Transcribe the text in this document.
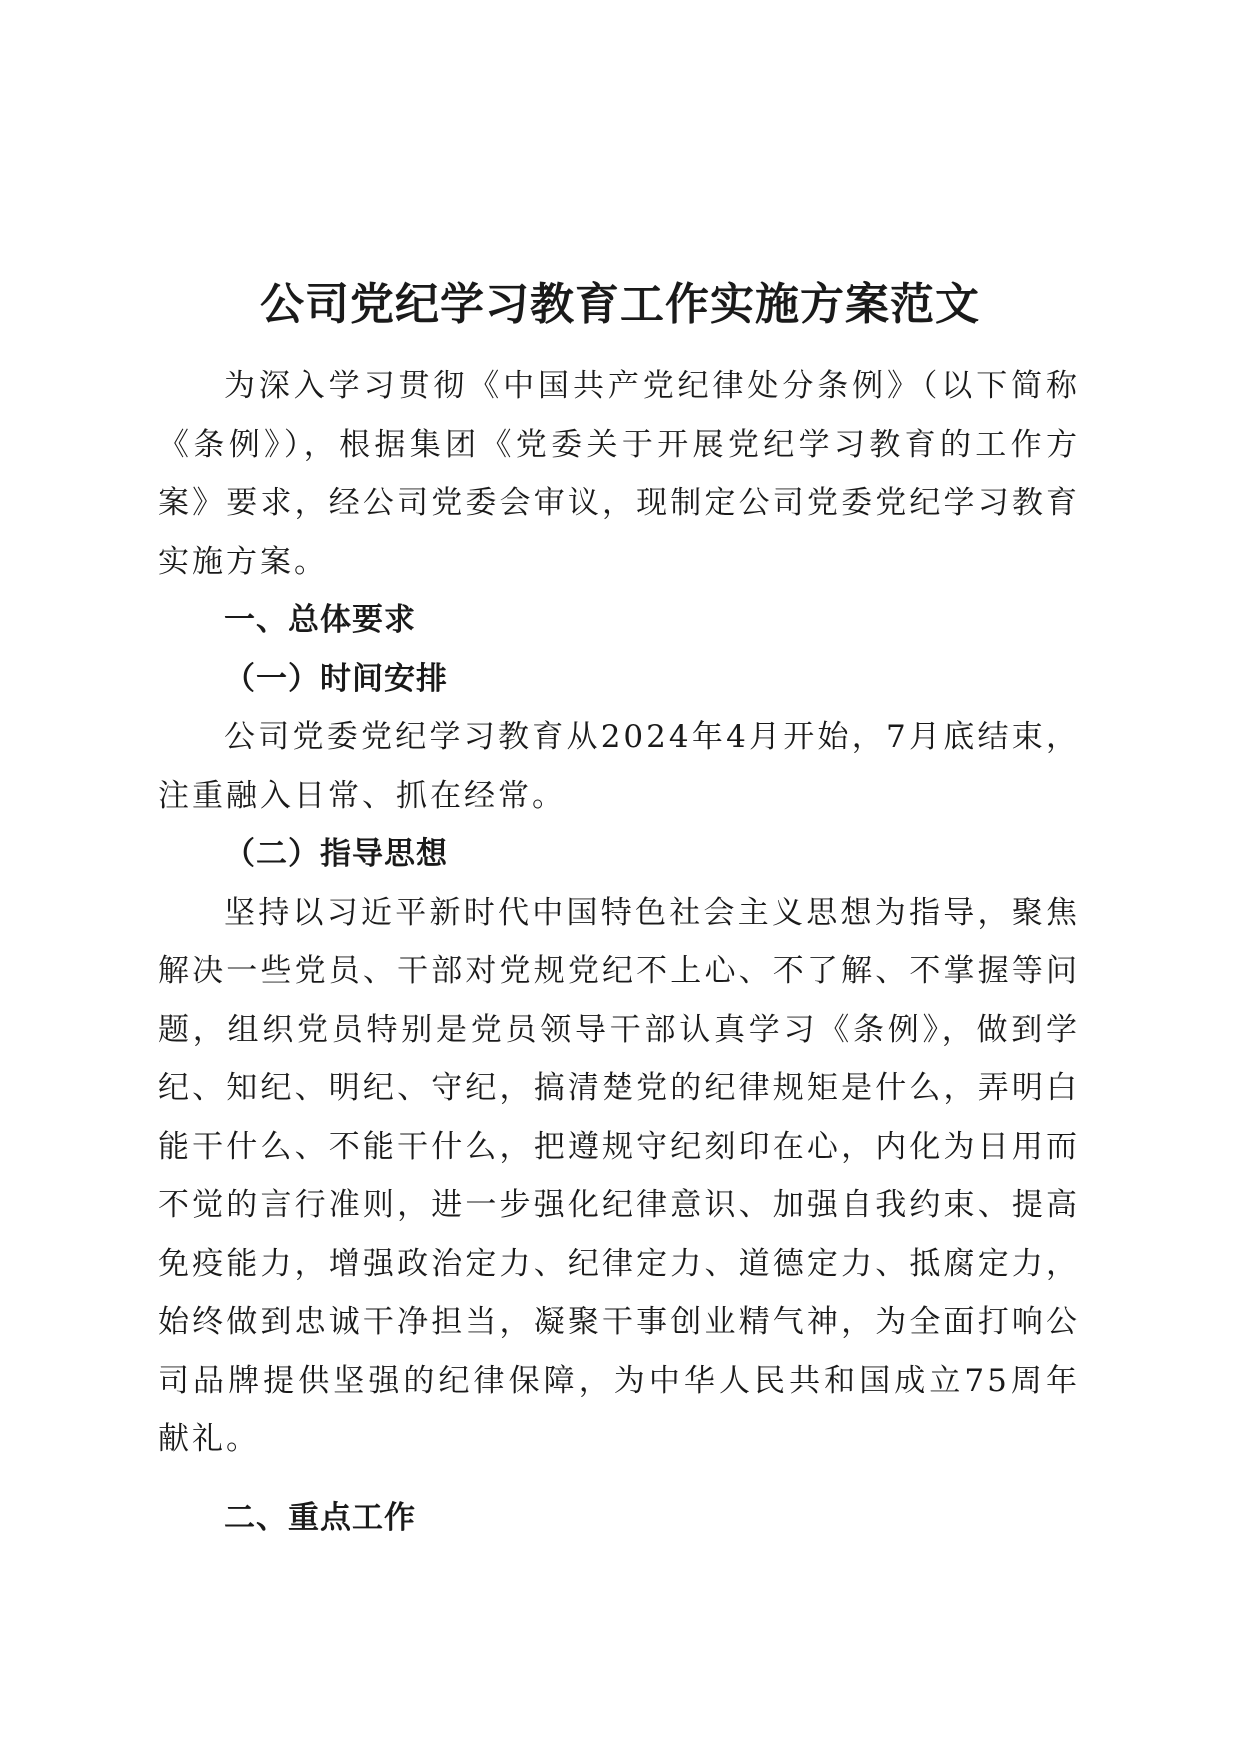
公司党纪学习教育工作实施方案范文

为深入学习贯彻《中国共产党纪律处分条例》（以下简称《条例》），根据集团《党委关于开展党纪学习教育的工作方案》要求，经公司党委会审议，现制定公司党委党纪学习教育实施方案。

一、总体要求

（一）时间安排

公司党委党纪学习教育从2024年4月开始，7月底结束，注重融入日常、抓在经常。

（二）指导思想

坚持以习近平新时代中国特色社会主义思想为指导，聚焦解决一些党员、干部对党规党纪不上心、不了解、不掌握等问题，组织党员特别是党员领导干部认真学习《条例》，做到学纪、知纪、明纪、守纪，搞清楚党的纪律规矩是什么，弄明白能干什么、不能干什么，把遵规守纪刻印在心，内化为日用而不觉的言行准则，进一步强化纪律意识、加强自我约束、提高免疫能力，增强政治定力、纪律定力、道德定力、抵腐定力，始终做到忠诚干净担当，凝聚干事创业精气神，为全面打响公司品牌提供坚强的纪律保障，为中华人民共和国成立75周年献礼。

二、重点工作
